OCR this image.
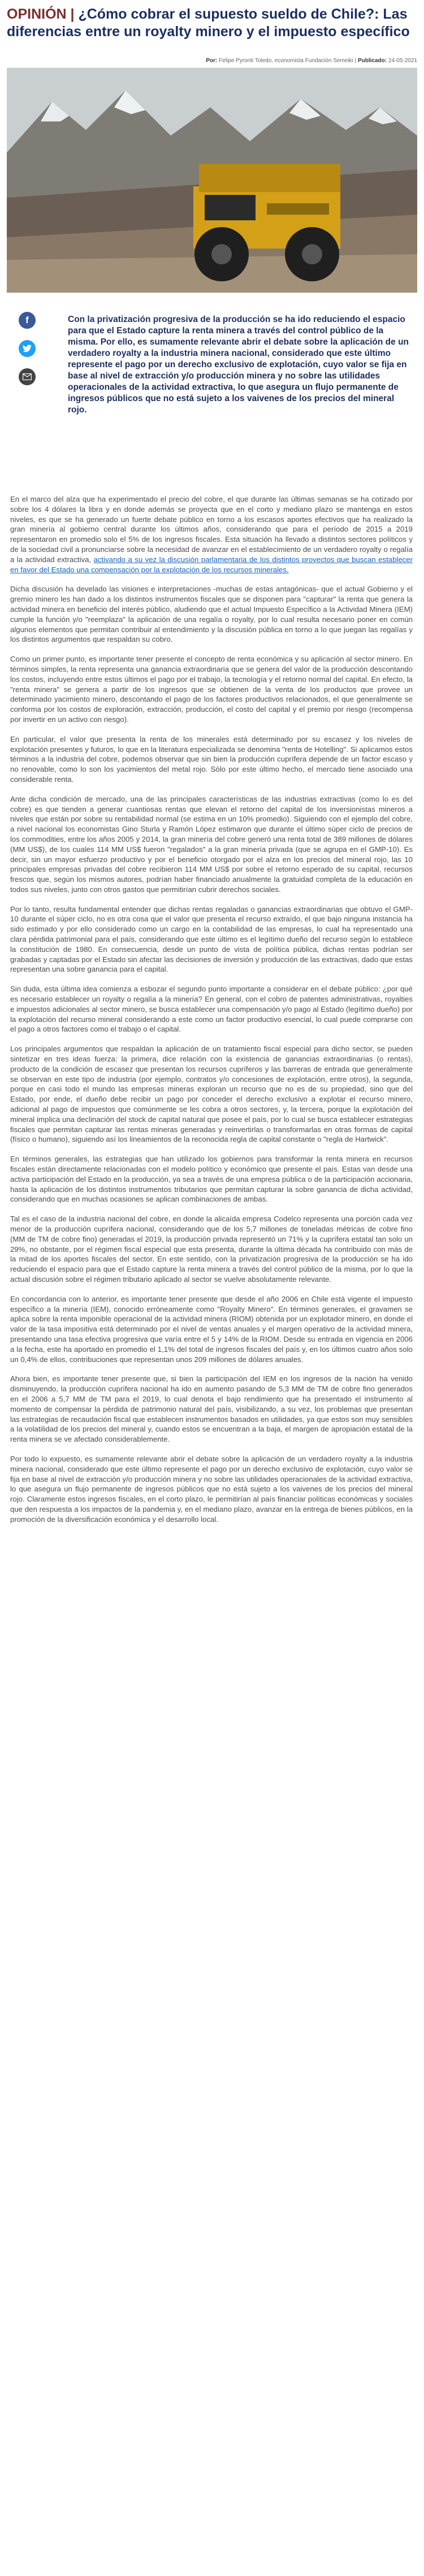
OPINIÓN | ¿Cómo cobrar el supuesto sueldo de Chile?: Las diferencias entre un royalty minero y el impuesto específico
Por: Felipe Pyronti Toledo, economista Fundación Semeiki | Publicado: 24-05-2021
f	Con la privatización progresiva de la producción se ha ido reduciendo el espacio para que el Estado capture la renta minera a través del control público de la misma. Por ello, es sumamente relevante abrir el debate sobre la aplicación de un verdadero royalty a la industria minera nacional, considerado que este último represente el pago por un derecho exclusivo de explotación, cuyo valor se fija en base al nivel de extracción y/o producción minera y no sobre las utilidades operacionales de la actividad extractiva, lo que asegura un flujo permanente de ingresos públicos que no está sujeto a los vaivenes de los precios del mineral rojo.

En el marco del alza que ha experimentado el precio del cobre, el que durante las últimas semanas se ha cotizado por sobre los 4 dólares la libra y en donde además se proyecta que en el corto y mediano plazo se mantenga en estos niveles, es que se ha generado un fuerte debate público en torno a los escasos aportes efectivos que ha realizado la gran minería al gobierno central durante los últimos años, considerando que para el período de 2015 a 2019 representaron en promedio solo el 5% de los ingresos fiscales. Esta situación ha llevado a distintos sectores políticos y de la sociedad civil a pronunciarse sobre la necesidad de avanzar en el establecimiento de un verdadero royalty o regalía a la actividad extractiva, activando a su vez la discusión parlamentaria de los distintos proyectos que buscan establecer en favor del Estado una compensación por la explotación de los recursos minerales.

Dicha discusión ha develado las visiones e interpretaciones -muchas de estas antagónicas- que el actual Gobierno y el gremio minero les han dado a los distintos instrumentos fiscales que se disponen para "capturar" la renta que genera la actividad minera en beneficio del interés público, aludiendo que el actual Impuesto Específico a la Actividad Minera (IEM) cumple la función y/o "reemplaza" la aplicación de una regalía o royalty, por lo cual resulta necesario poner en común algunos elementos que permitan contribuir al entendimiento y la discusión pública en torno a lo que juegan las regalías y los distintos argumentos que respaldan su cobro.

Como un primer punto, es importante tener presente el concepto de renta económica y su aplicación al sector minero. En términos simples, la renta representa una ganancia extraordinaria que se genera del valor de la producción descontando los costos, incluyendo entre estos últimos el pago por el trabajo, la tecnología y el retorno normal del capital. En efecto, la "renta minera" se genera a partir de los ingresos que se obtienen de la venta de los productos que provee un determinado yacimiento minero, descontando el pago de los factores productivos relacionados, el que generalmente se conforma por los costos de exploración, extracción, producción, el costo del capital y el premio por riesgo (recompensa por invertir en un activo con riesgo).

En particular, el valor que presenta la renta de los minerales está determinado por su escasez y los niveles de explotación presentes y futuros, lo que en la literatura especializada se denomina "renta de Hotelling". Si aplicamos estos términos a la industria del cobre, podemos observar que sin bien la producción cuprífera depende de un factor escaso y no renovable, como lo son los yacimientos del metal rojo. Sólo por este último hecho, el mercado tiene asociado una considerable renta.

Ante dicha condición de mercado, una de las principales características de las industrias extractivas (como lo es del cobre) es que tienden a generar cuantiosas rentas que elevan el retorno del capital de los inversionistas mineros a niveles que están por sobre su rentabilidad normal (se estima en un 10% promedio). Siguiendo con el ejemplo del cobre, a nivel nacional los economistas Gino Sturla y Ramón López estimaron que durante el último súper ciclo de precios de los commodities, entre los años 2005 y 2014, la gran minería del cobre generó una renta total de 389 millones de dólares (MM US$), de los cuales 114 MM US$ fueron "regalados" a la gran minería privada (que se agrupa en el GMP-10). Es decir, sin un mayor esfuerzo productivo y por el beneficio otorgado por el alza en los precios del mineral rojo, las 10 principales empresas privadas del cobre recibieron 114 MM US$ por sobre el retorno esperado de su capital, recursos frescos que, según los mismos autores, podrían haber financiado anualmente la gratuidad completa de la educación en todos sus niveles, junto con otros gastos que permitirían cubrir derechos sociales.

Por lo tanto, resulta fundamental entender que dichas rentas regaladas o ganancias extraordinarias que obtuvo el GMP-10 durante el súper ciclo, no es otra cosa que el valor que presenta el recurso extraído, el que bajo ninguna instancia ha sido estimado y por ello considerado como un cargo en la contabilidad de las empresas, lo cual ha representado una clara pérdida patrimonial para el país, considerando que este último es el legítimo dueño del recurso según lo establece la constitución de 1980. En consecuencia, desde un punto de vista de política pública, dichas rentas podrían ser grabadas y captadas por el Estado sin afectar las decisiones de inversión y producción de las extractivas, dado que estas representan una sobre ganancia para el capital.

Sin duda, esta última idea comienza a esbozar el segundo punto importante a considerar en el debate público: ¿por qué es necesario establecer un royalty o regalía a la minería? En general, con el cobro de patentes administrativas, royalties e impuestos adicionales al sector minero, se busca establecer una compensación y/o pago al Estado (legítimo dueño) por la explotación del recurso mineral considerando a este como un factor productivo esencial, lo cual puede comprarse con el pago a otros factores como el trabajo o el capital.

Los principales argumentos que respaldan la aplicación de un tratamiento fiscal especial para dicho sector, se pueden sintetizar en tres ideas fuerza: la primera, dice relación con la existencia de ganancias extraordinarias (o rentas), producto de la condición de escasez que presentan los recursos cupríferos y las barreras de entrada que generalmente se observan en este tipo de industria (por ejemplo, contratos y/o concesiones de explotación, entre otros), la segunda, porque en casi todo el mundo las empresas mineras exploran un recurso que no es de su propiedad, sino que del Estado, por ende, el dueño debe recibir un pago por conceder el derecho exclusivo a explotar el recurso minero, adicional al pago de impuestos que comúnmente se les cobra a otros sectores, y, la tercera, porque la explotación del mineral implica una declinación del stock de capital natural que posee el país, por lo cual se busca establecer estrategias fiscales que permitan capturar las rentas mineras generadas y reinvertirlas o transformarlas en otras formas de capital (físico o humano), siguiendo así los lineamientos de la reconocida regla de capital constante o "regla de Hartwick".

En términos generales, las estrategias que han utilizado los gobiernos para transformar la renta minera en recursos fiscales están directamente relacionadas con el modelo político y económico que presente el país. Estas van desde una activa participación del Estado en la producción, ya sea a través de una empresa pública o de la participación accionaria, hasta la aplicación de los distintos instrumentos tributarios que permitan capturar la sobre ganancia de dicha actividad, considerando que en muchas ocasiones se aplican combinaciones de ambas.

Tal es el caso de la industria nacional del cobre, en donde la alicaída empresa Codelco representa una porción cada vez menor de la producción cuprífera nacional, considerando que de los 5,7 millones de toneladas métricas de cobre fino (MM de TM de cobre fino) generadas el 2019, la producción privada representó un 71% y la cuprífera estatal tan solo un 29%, no obstante, por el régimen fiscal especial que esta presenta, durante la última década ha contribuido con más de la mitad de los aportes fiscales del sector. En este sentido, con la privatización progresiva de la producción se ha ido reduciendo el espacio para que el Estado capture la renta minera a través del control público de la misma, por lo que la actual discusión sobre el régimen tributario aplicado al sector se vuelve absolutamente relevante.

En concordancia con lo anterior, es importante tener presente que desde el año 2006 en Chile está vigente el impuesto específico a la minería (IEM), conocido erróneamente como "Royalty Minero". En términos generales, el gravamen se aplica sobre la renta imponible operacional de la actividad minera (RIOM) obtenida por un explotador minero, en donde el valor de la tasa impositiva está determinado por el nivel de ventas anuales y el margen operativo de la actividad minera, presentando una tasa efectiva progresiva que varía entre el 5 y 14% de la RIOM. Desde su entrada en vigencia en 2006 a la fecha, este ha aportado en promedio el 1,1% del total de ingresos fiscales del país y, en los últimos cuatro años solo un 0,4% de ellos, contribuciones que representan unos 209 millones de dólares anuales.

Ahora bien, es importante tener presente que, si bien la participación del IEM en los ingresos de la nación ha venido disminuyendo, la producción cuprífera nacional ha ido en aumento pasando de 5,3 MM de TM de cobre fino generados en el 2006 a 5,7 MM de TM para el 2019, lo cual denota el bajo rendimiento que ha presentado el instrumento al momento de compensar la pérdida de patrimonio natural del país, visibilizando, a su vez, los problemas que presentan las estrategias de recaudación fiscal que establecen instrumentos basados en utilidades, ya que estos son muy sensibles a la volatilidad de los precios del mineral y, cuando estos se encuentran a la baja, el margen de apropiación estatal de la renta minera se ve afectado considerablemente.

Por todo lo expuesto, es sumamente relevante abrir el debate sobre la aplicación de un verdadero royalty a la industria minera nacional, considerado que este último represente el pago por un derecho exclusivo de explotación, cuyo valor se fija en base al nivel de extracción y/o producción minera y no sobre las utilidades operacionales de la actividad extractiva, lo que asegura un flujo permanente de ingresos públicos que no está sujeto a los vaivenes de los precios del mineral rojo. Claramente estos ingresos fiscales, en el corto plazo, le permitirían al país financiar políticas económicas y sociales que den respuesta a los impactos de la pandemia y, en el mediano plazo, avanzar en la entrega de bienes públicos, en la promoción de la diversificación económica y el desarrollo local.
